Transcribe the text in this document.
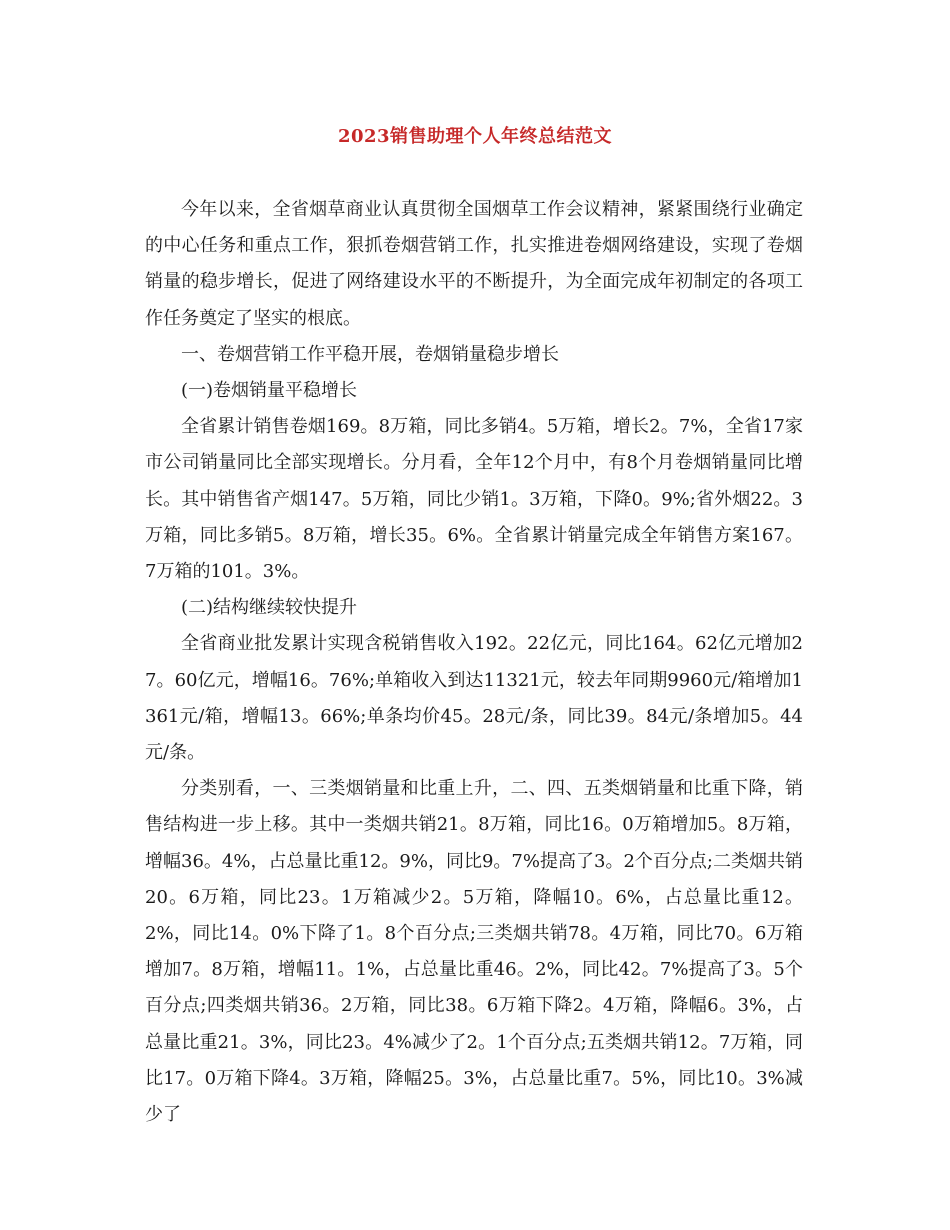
2023销售助理个人年终总结范文

今年以来，全省烟草商业认真贯彻全国烟草工作会议精神，紧紧围绕行业确定的中心任务和重点工作，狠抓卷烟营销工作，扎实推进卷烟网络建设，实现了卷烟销量的稳步增长，促进了网络建设水平的不断提升，为全面完成年初制定的各项工作任务奠定了坚实的根底。

一、卷烟营销工作平稳开展，卷烟销量稳步增长

(一)卷烟销量平稳增长

全省累计销售卷烟169。8万箱，同比多销4。5万箱，增长2。7%，全省17家市公司销量同比全部实现增长。分月看，全年12个月中，有8个月卷烟销量同比增长。其中销售省产烟147。5万箱，同比少销1。3万箱，下降0。9%;省外烟22。3万箱，同比多销5。8万箱，增长35。6%。全省累计销量完成全年销售方案167。7万箱的101。3%。

(二)结构继续较快提升

全省商业批发累计实现含税销售收入192。22亿元，同比164。62亿元增加27。60亿元，增幅16。76%;单箱收入到达11321元，较去年同期9960元/箱增加1361元/箱，增幅13。66%;单条均价45。28元/条，同比39。84元/条增加5。44元/条。

分类别看，一、三类烟销量和比重上升，二、四、五类烟销量和比重下降，销售结构进一步上移。其中一类烟共销21。8万箱，同比16。0万箱增加5。8万箱，增幅36。4%，占总量比重12。9%，同比9。7%提高了3。2个百分点;二类烟共销20。6万箱，同比23。1万箱减少2。5万箱，降幅10。6%，占总量比重12。2%，同比14。0%下降了1。8个百分点;三类烟共销78。4万箱，同比70。6万箱增加7。8万箱，增幅11。1%，占总量比重46。2%，同比42。7%提高了3。5个百分点;四类烟共销36。2万箱，同比38。6万箱下降2。4万箱，降幅6。3%，占总量比重21。3%，同比23。4%减少了2。1个百分点;五类烟共销12。7万箱，同比17。0万箱下降4。3万箱，降幅25。3%，占总量比重7。5%，同比10。3%减少了
